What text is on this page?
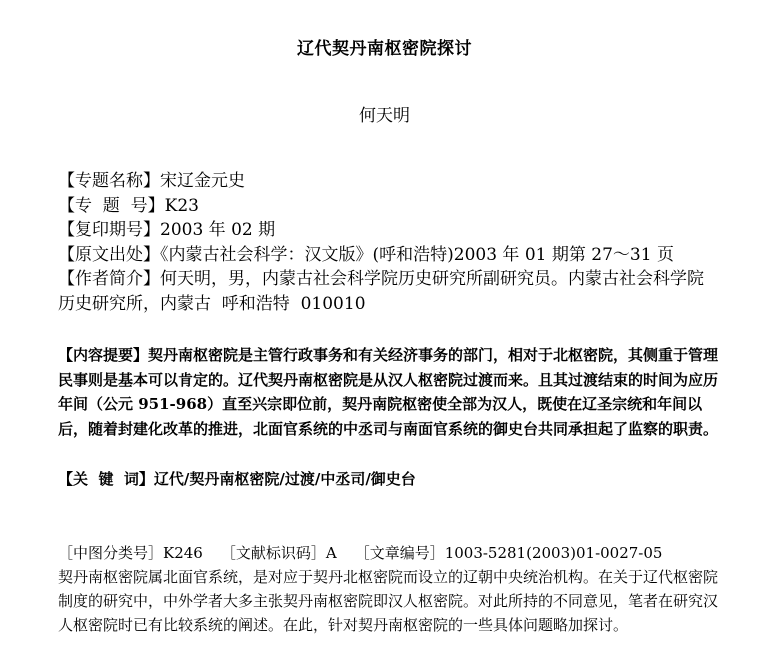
辽代契丹南枢密院探讨
何天明
【专题名称】宋辽金元史
【专  题  号】K23
【复印期号】2003 年 02 期
【原文出处】《内蒙古社会科学：汉文版》(呼和浩特)2003 年 01 期第 27～31 页
【作者简介】何天明，男，内蒙古社会科学院历史研究所副研究员。内蒙古社会科学院  历史研究所，内蒙古  呼和浩特  010010
【内容提要】契丹南枢密院是主管行政事务和有关经济事务的部门，相对于北枢密院，其侧重于管理民事则是基本可以肯定的。辽代契丹南枢密院是从汉人枢密院过渡而来。且其过渡结束的时间为应历年间（公元 951-968）直至兴宗即位前，契丹南院枢密使全部为汉人，既使在辽圣宗统和年间以后，随着封建化改革的推进，北面官系统的中丞司与南面官系统的御史台共同承担起了监察的职责。
【关  键  词】辽代/契丹南枢密院/过渡/中丞司/御史台
［中图分类号］K246 ［文献标识码］A ［文章编号］1003-5281(2003)01-0027-05
契丹南枢密院属北面官系统，是对应于契丹北枢密院而设立的辽朝中央统治机构。在关于辽代枢密院制度的研究中，中外学者大多主张契丹南枢密院即汉人枢密院。对此所持的不同意见，笔者在研究汉人枢密院时已有比较系统的阐述。在此，针对契丹南枢密院的一些具体问题略加探讨。
